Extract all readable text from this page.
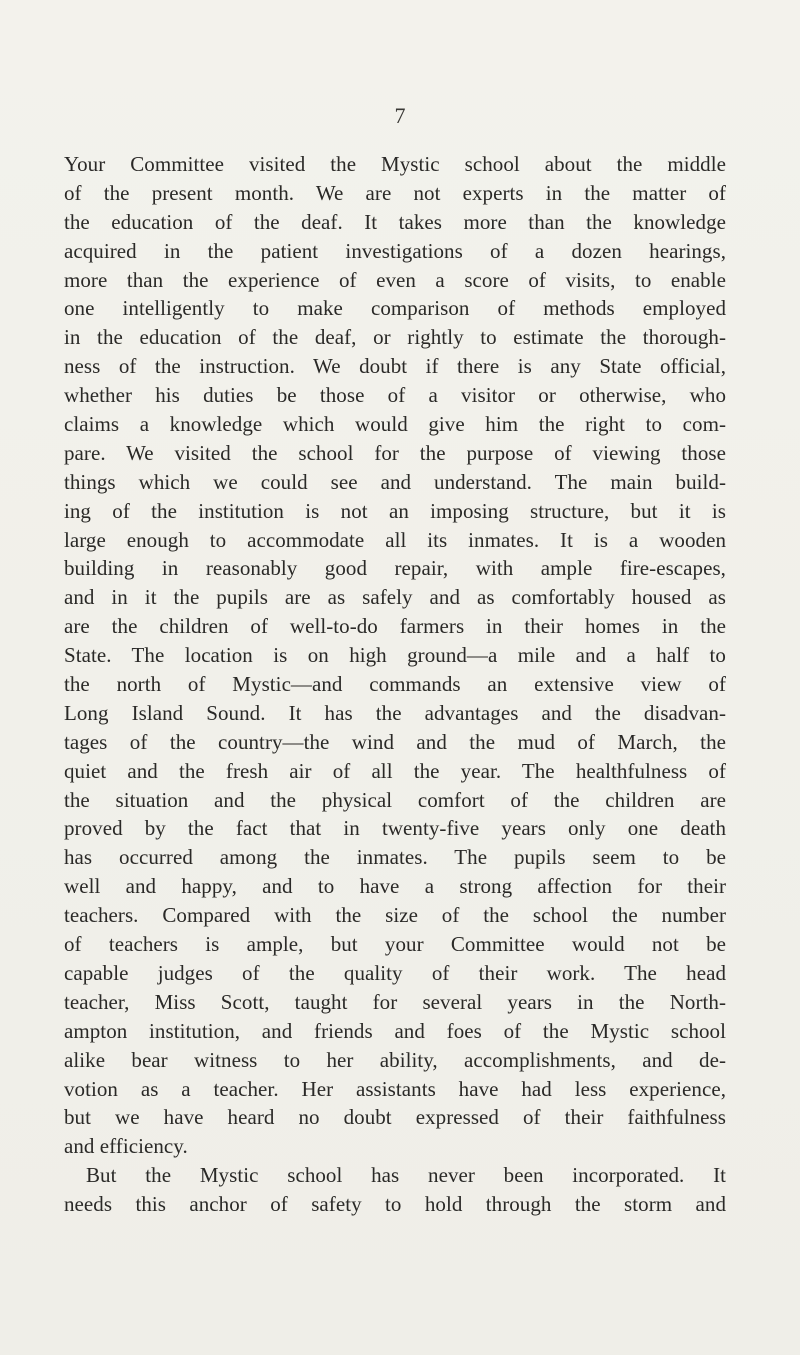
7
Your Committee visited the Mystic school about the middle
of the present month. We are not experts in the matter of
the education of the deaf. It takes more than the knowledge
acquired in the patient investigations of a dozen hearings,
more than the experience of even a score of visits, to enable
one intelligently to make comparison of methods employed
in the education of the deaf, or rightly to estimate the thorough-
ness of the instruction. We doubt if there is any State official,
whether his duties be those of a visitor or otherwise, who
claims a knowledge which would give him the right to com-
pare. We visited the school for the purpose of viewing those
things which we could see and understand. The main build-
ing of the institution is not an imposing structure, but it is
large enough to accommodate all its inmates. It is a wooden
building in reasonably good repair, with ample fire-escapes,
and in it the pupils are as safely and as comfortably housed as
are the children of well-to-do farmers in their homes in the
State. The location is on high ground—a mile and a half to
the north of Mystic—and commands an extensive view of
Long Island Sound. It has the advantages and the disadvan-
tages of the country—the wind and the mud of March, the
quiet and the fresh air of all the year. The healthfulness of
the situation and the physical comfort of the children are
proved by the fact that in twenty-five years only one death
has occurred among the inmates. The pupils seem to be
well and happy, and to have a strong affection for their
teachers. Compared with the size of the school the number
of teachers is ample, but your Committee would not be
capable judges of the quality of their work. The head
teacher, Miss Scott, taught for several years in the North-
ampton institution, and friends and foes of the Mystic school
alike bear witness to her ability, accomplishments, and de-
votion as a teacher. Her assistants have had less experience,
but we have heard no doubt expressed of their faithfulness
and efficiency.
But the Mystic school has never been incorporated. It
needs this anchor of safety to hold through the storm and
